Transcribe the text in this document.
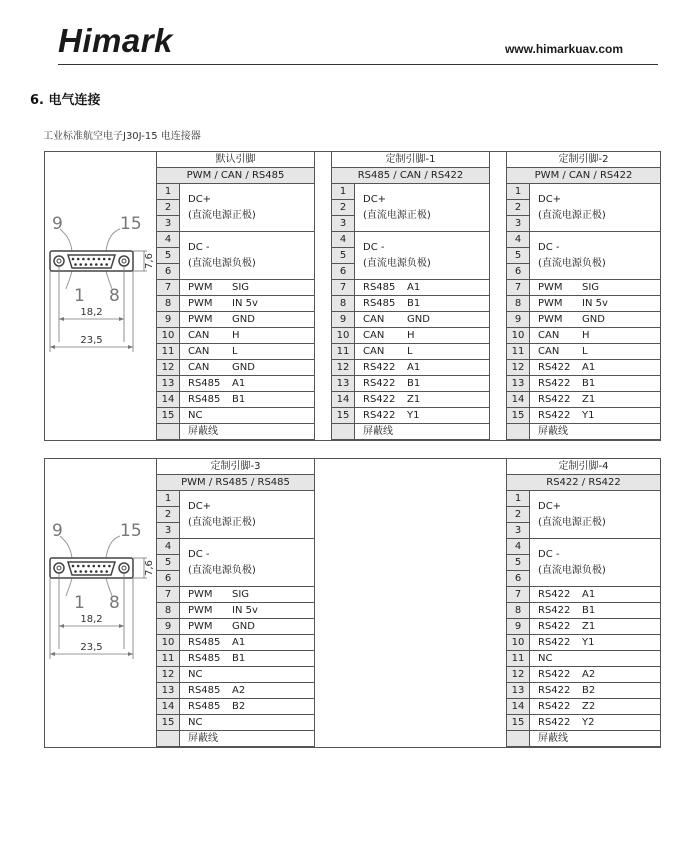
Himark	www.himarkuav.com
6. 电气连接
工业标准航空电子J30J-15 电连接器
9	15
1 8
7,6
18,2
23,5
默认引脚	
PWM / CAN / RS485	
1	DC+
(直流电源正极)

2	
3	
4	DC -
(直流电源负极)

5	
6	
7	PWM SIG
8	PWM IN 5v
9	PWM GND
10	CAN H
11	CAN L
12	CAN GND
13	RS485 A1
14	RS485 B1
15	NC
	屏蔽线
定制引脚-1	
RS485 / CAN / RS422	
1	DC+
(直流电源正极)

2	
3	
4	DC -
(直流电源负极)

5	
6	
7	RS485 A1
8	RS485 B1
9	CAN GND
10	CAN H
11	CAN L
12	RS422 A1
13	RS422 B1
14	RS422 Z1
15	RS422 Y1
	屏蔽线
定制引脚-2	
PWM / CAN / RS422	
1	DC+
(直流电源正极)

2	
3	
4	DC -
(直流电源负极)

5	
6	
7	PWM SIG
8	PWM IN 5v
9	PWM GND
10	CAN H
11	CAN L
12	RS422 A1
13	RS422 B1
14	RS422 Z1
15	RS422 Y1
	屏蔽线
9	15
1 8
7,6
18,2
23,5
定制引脚-3	
PWM / RS485 / RS485	
1	DC+
(直流电源正极)

2	
3	
4	DC -
(直流电源负极)

5	
6	
7	PWM SIG
8	PWM IN 5v
9	PWM GND
10	RS485 A1
11	RS485 B1
12	NC
13	RS485 A2
14	RS485 B2
15	NC
	屏蔽线
定制引脚-4	
RS422 / RS422	
1	DC+
(直流电源正极)

2	
3	
4	DC -
(直流电源负极)

5	
6	
7	RS422 A1
8	RS422 B1
9	RS422 Z1
10	RS422 Y1
11	NC
12	RS422 A2
13	RS422 B2
14	RS422 Z2
15	RS422 Y2
	屏蔽线
